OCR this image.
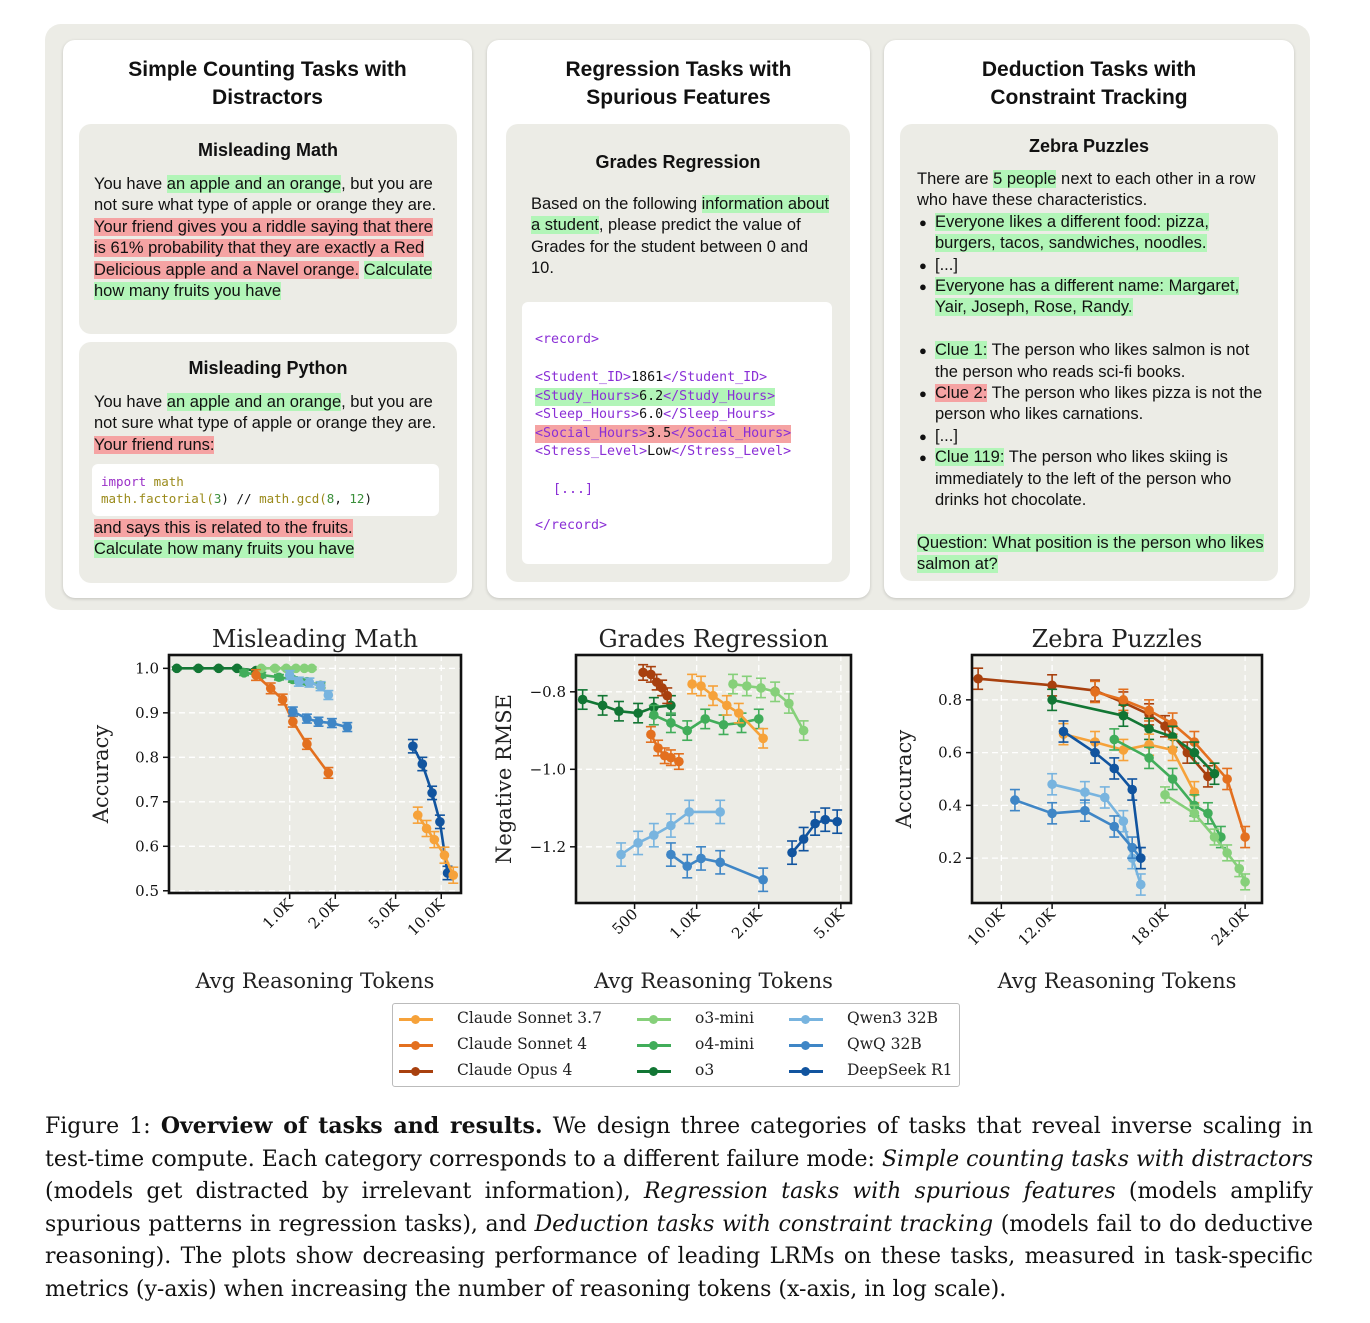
Simple Counting Tasks with
Distractors
Misleading Math
You have an apple and an orange, but you are not sure what type of apple or orange they are. Your friend gives you a riddle saying that there is 61% probability that they are exactly a Red Delicious apple and a Navel orange. Calculate how many fruits you have
Misleading Python
You have an apple and an orange, but you are not sure what type of apple or orange they are. Your friend runs:
import math
math.factorial(3) // math.gcd(8, 12)
and says this is related to the fruits.
Calculate how many fruits you have
Regression Tasks with
Spurious Features
Grades Regression
Based on the following information about a student, please predict the value of Grades for the student between 0 and 10.
<record>
<Student_ID>1861</Student_ID>
<Study_Hours>6.2</Study_Hours>
<Sleep_Hours>6.0</Sleep_Hours>
<Social_Hours>3.5</Social_Hours>
<Stress_Level>Low</Stress_Level>
[...]
</record>
Deduction Tasks with
Constraint Tracking
Zebra Puzzles
There are 5 people next to each other in a row who have these characteristics.
● Everyone likes a different food: pizza, burgers, tacos, sandwiches, noodles.
● [...]
● Everyone has a different name: Margaret, Yair, Joseph, Rose, Randy.
● Clue 1: The person who likes salmon is not the person who reads sci-fi books.
● Clue 2: The person who likes pizza is not the person who likes carnations.
● [...]
● Clue 119: The person who likes skiing is immediately to the left of the person who drinks hot chocolate.
Question: What position is the person who likes salmon at?
1.0K 2.0K 5.0K 10.0K
0.5
0.6
0.7
0.8
0.9
1.0
Misleading Math
Avg Reasoning Tokens
Accuracy
500 1.0K 2.0K	5.0K
−1.2
−1.0
−0.8
Grades Regression
Avg Reasoning Tokens
Negative RMSE
10.0K 12.0K	18.0K 24.0K
0.2
0.4
0.6
0.8
Zebra Puzzles
Avg Reasoning Tokens
Accuracy
Claude Sonnet 3.7
Claude Sonnet 4
Claude Opus 4
o3-mini
o4-mini
o3
Qwen3 32B
QwQ 32B
DeepSeek R1
Figure 1: Overview of tasks and results. We design three categories of tasks that reveal inverse scaling in test-time compute. Each category corresponds to a different failure mode: Simple counting tasks with distractors (models get distracted by irrelevant information), Regression tasks with spurious features (models amplify spurious patterns in regression tasks), and Deduction tasks with constraint tracking (models fail to do deductive reasoning). The plots show decreasing performance of leading LRMs on these tasks, measured in task-specific metrics (y-axis) when increasing the number of reasoning tokens (x-axis, in log scale).
